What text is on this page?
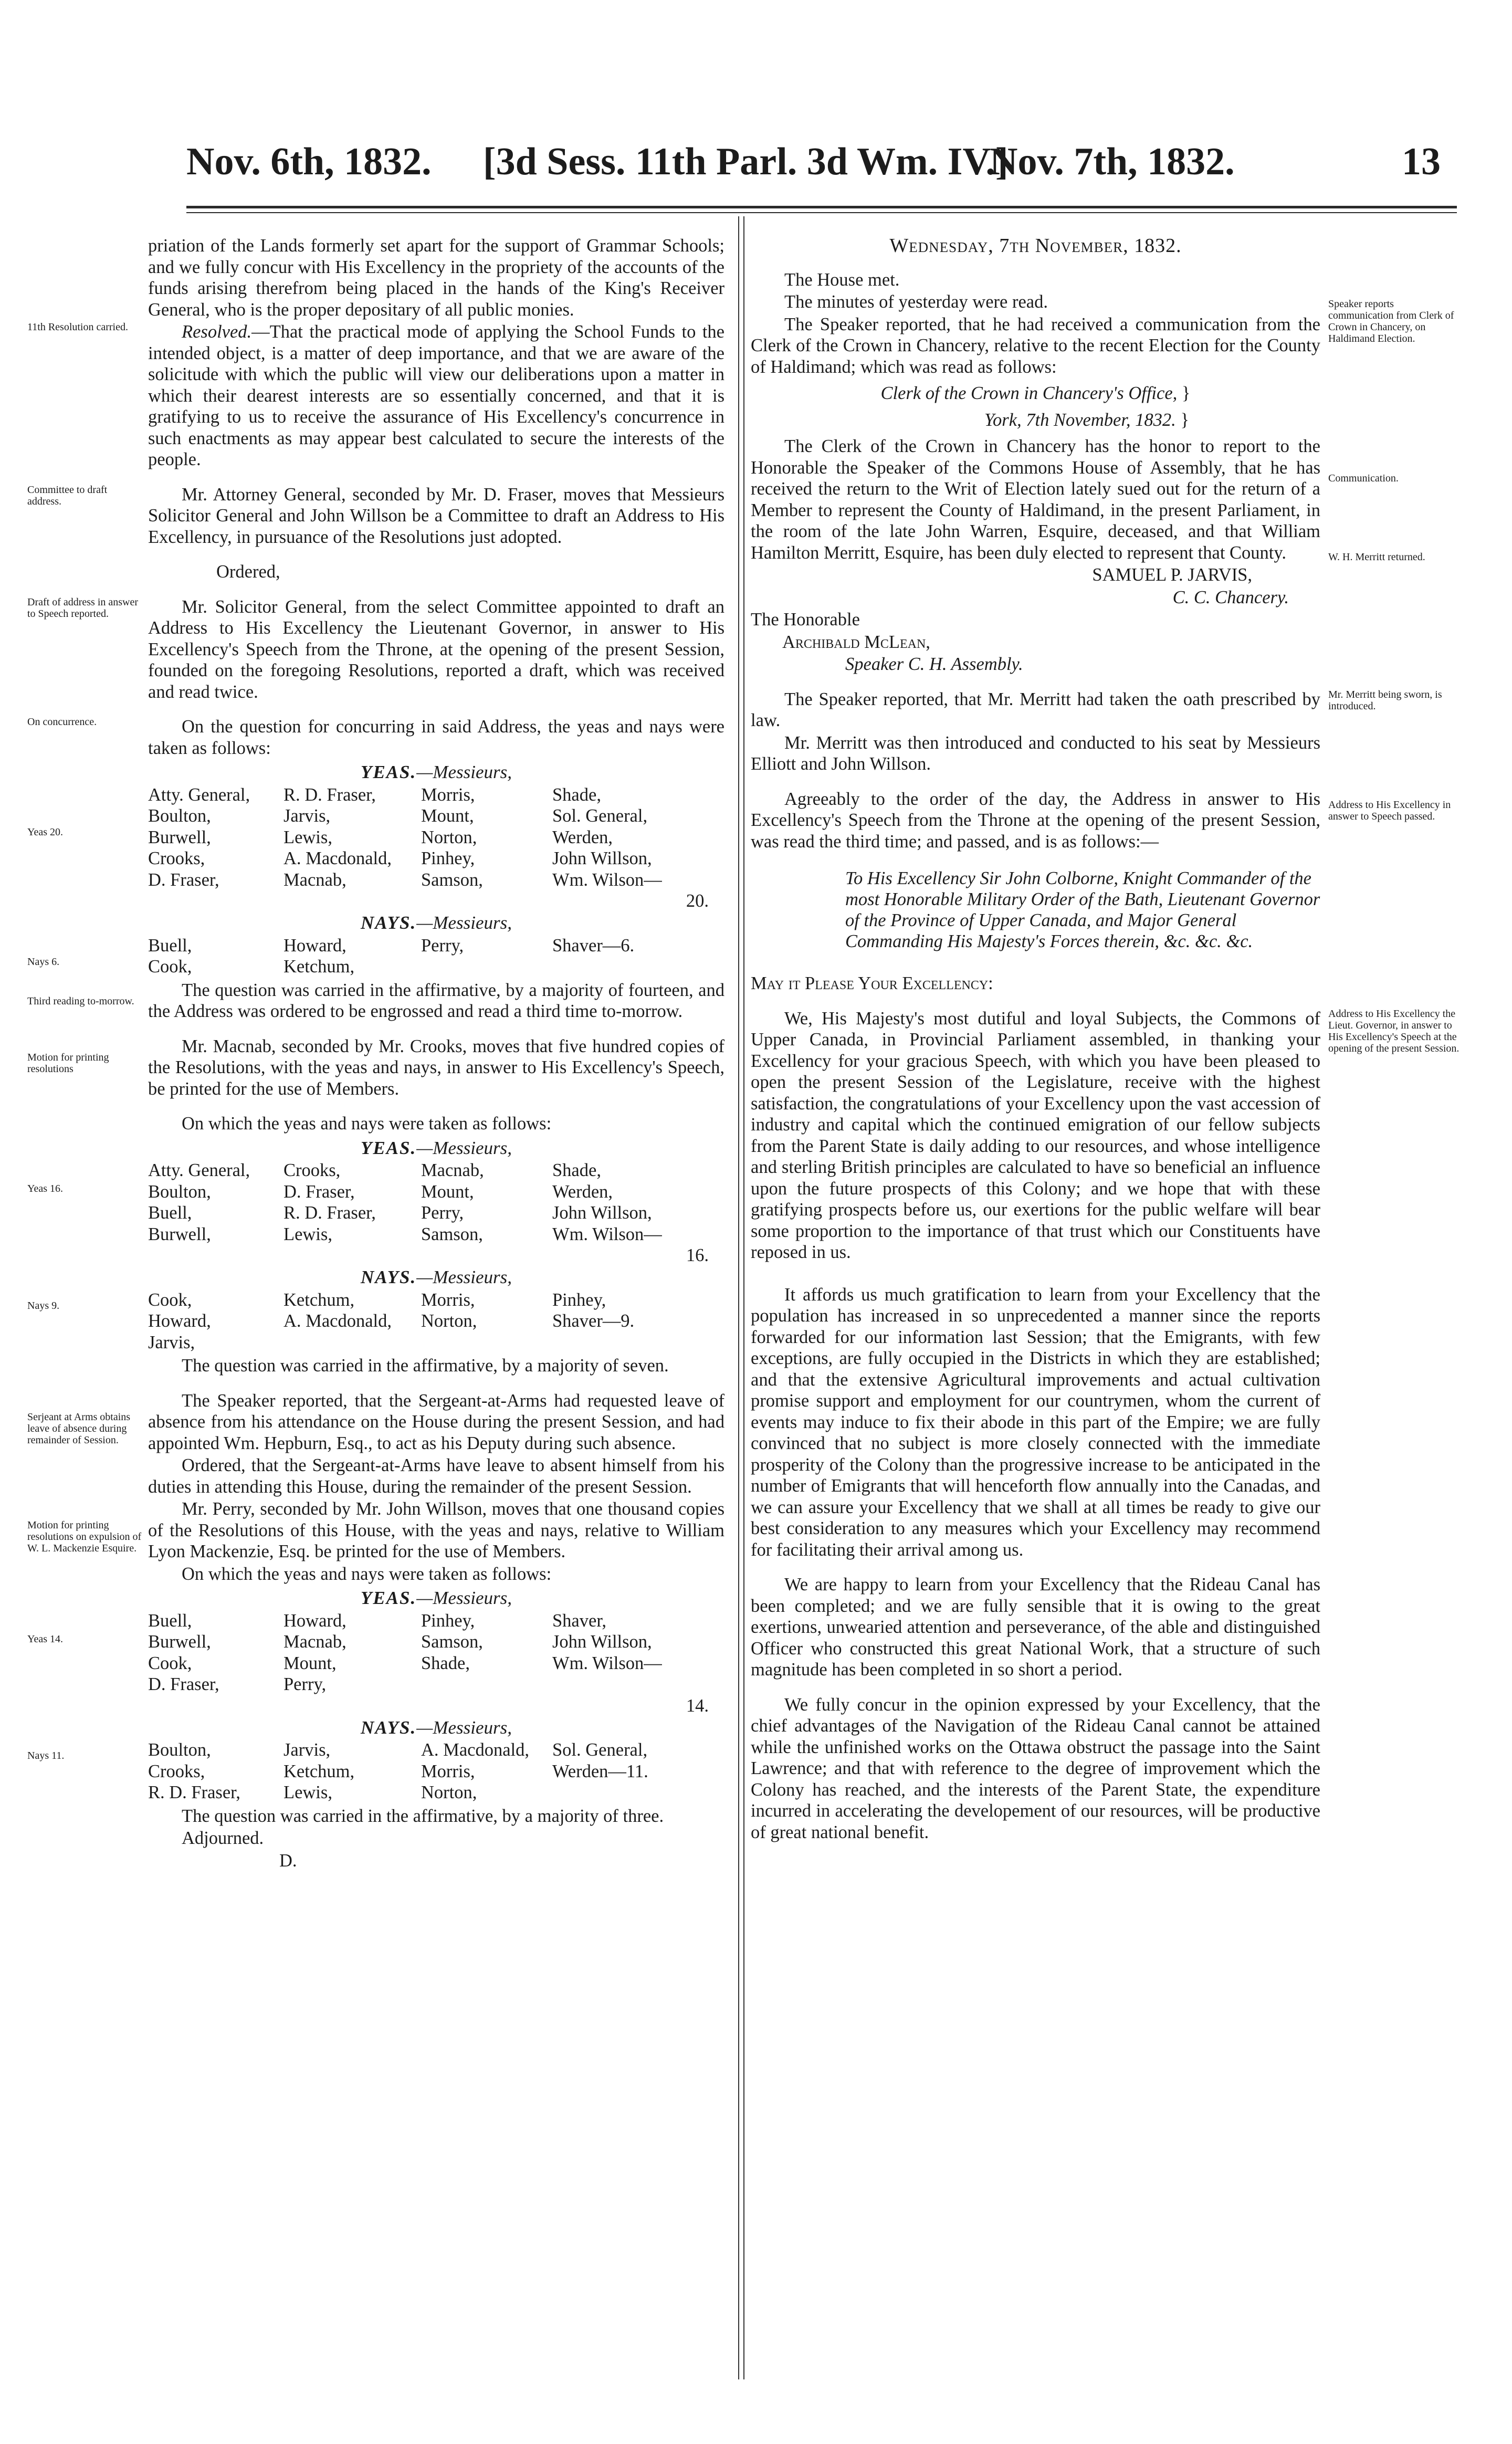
Nov. 6th, 1832. [3d Sess. 11th Parl. 3d Wm. IV.]
Nov. 7th, 1832.	13

priation of the Lands formerly set apart for the support of Grammar Schools; and we fully concur with His Excellency in the propriety of the accounts of the funds arising therefrom being placed in the hands of the King's Receiver General, who is the proper depositary of all public monies.

11th Resolution carried.	Resolved.—That the practical mode of applying the School Funds to the intended object, is a matter of deep importance, and that we are aware of the solicitude with which the public will view our deliberations upon a matter in which their dearest interests are so essentially concerned, and that it is gratifying to us to receive the assurance of His Excellency's concurrence in such enactments as may appear best calculated to secure the interests of the people.

Committee to draft address.	Mr. Attorney General, seconded by Mr. D. Fraser, moves that Messieurs Solicitor General and John Willson be a Committee to draft an Address to His Excellency, in pursuance of the Resolutions just adopted.

Ordered,

Draft of address in answer to Speech reported.	Mr. Solicitor General, from the select Committee appointed to draft an Address to His Excellency the Lieutenant Governor, in answer to His Excellency's Speech from the Throne, at the opening of the present Session, founded on the foregoing Resolutions, reported a draft, which was received and read twice.

On concurrence.	On the question for concurring in said Address, the yeas and nays were taken as follows:

YEAS.—Messieurs,
Yeas 20.
Atty. General,	R. D. Fraser,	Morris,	Shade,
Boulton,	Jarvis,	Mount,	Sol. General,
Burwell,	Lewis,	Norton,	Werden,
Crooks,	A. Macdonald,	Pinhey,	John Willson,
D. Fraser,	Macnab,	Samson,	Wm. Wilson—
20.
NAYS.—Messieurs,
Nays 6.
Buell,	Howard,	Perry,	Shaver—6.
Cook,	Ketchum,		

Third reading to-morrow.
The question was carried in the affirmative, by a majority of fourteen, and the Address was ordered to be engrossed and read a third time to-morrow.

Motion for printing resolutions
Mr. Macnab, seconded by Mr. Crooks, moves that five hundred copies of the Resolutions, with the yeas and nays, in answer to His Excellency's Speech, be printed for the use of Members.

On which the yeas and nays were taken as follows:

YEAS.—Messieurs,
Yeas 16.
Atty. General,	Crooks,	Macnab,	Shade,
Boulton,	D. Fraser,	Mount,	Werden,
Buell,	R. D. Fraser,	Perry,	John Willson,
Burwell,	Lewis,	Samson,	Wm. Wilson—
16.
NAYS.—Messieurs,
Nays 9.	Cook,	Ketchum,	Morris,	Pinhey,
Howard,	A. Macdonald,	Norton,	Shaver—9.
Jarvis,			

The question was carried in the affirmative, by a majority of seven.

Serjeant at Arms obtains leave of absence during remainder of Session.
The Speaker reported, that the Sergeant-at-Arms had requested leave of absence from his attendance on the House during the present Session, and had appointed Wm. Hepburn, Esq., to act as his Deputy during such absence.

Ordered, that the Sergeant-at-Arms have leave to absent himself from his duties in attending this House, during the remainder of the present Session.

Motion for printing resolutions on expulsion of W. L. Mackenzie Esquire.
Mr. Perry, seconded by Mr. John Willson, moves that one thousand copies of the Resolutions of this House, with the yeas and nays, relative to William Lyon Mackenzie, Esq. be printed for the use of Members.

On which the yeas and nays were taken as follows:

YEAS.—Messieurs,
Yeas 14.
Buell,	Howard,	Pinhey,	Shaver,
Burwell,	Macnab,	Samson,	John Willson,
Cook,	Mount,	Shade,	Wm. Wilson—
D. Fraser,	Perry,		
14.
NAYS.—Messieurs,
Nays 11.	Boulton,	Jarvis,	A. Macdonald,	Sol. General,
Crooks,	Ketchum,	Morris,	Werden—11.
R. D. Fraser,	Lewis,	Norton,	

The question was carried in the affirmative, by a majority of three.

Adjourned.

D.

Wednesday, 7th November, 1832.

The House met.

The minutes of yesterday were read.	Speaker reports communication from Clerk of Crown in Chancery, on Haldimand Election.
The Speaker reported, that he had received a communication from the Clerk of the Crown in Chancery, relative to the recent Election for the County of Haldimand; which was read as follows:

Clerk of the Crown in Chancery's Office, }

York, 7th November, 1832. }

Communication.
W. H. Merritt returned.
The Clerk of the Crown in Chancery has the honor to report to the Honorable the Speaker of the Commons House of Assembly, that he has received the return to the Writ of Election lately sued out for the return of a Member to represent the County of Haldimand, in the present Parliament, in the room of the late John Warren, Esquire, deceased, and that William Hamilton Merritt, Esquire, has been duly elected to represent that County.

SAMUEL P. JARVIS,

C. C. Chancery.

The Honorable

Archibald McLean,

Speaker C. H. Assembly.

Mr. Merritt being sworn, is introduced.
The Speaker reported, that Mr. Merritt had taken the oath prescribed by law.

Mr. Merritt was then introduced and conducted to his seat by Messieurs Elliott and John Willson.

Address to His Excellency in answer to Speech passed.
Agreeably to the order of the day, the Address in answer to His Excellency's Speech from the Throne at the opening of the present Session, was read the third time; and passed, and is as follows:—

To His Excellency Sir John Colborne, Knight Commander of the most Honorable Military Order of the Bath, Lieutenant Governor of the Province of Upper Canada, and Major General Commanding His Majesty's Forces therein, &c. &c. &c.

May it Please Your Excellency:

Address to His Excellency the Lieut. Governor, in answer to His Excellency's Speech at the opening of the present Session.
We, His Majesty's most dutiful and loyal Subjects, the Commons of Upper Canada, in Provincial Parliament assembled, in thanking your Excellency for your gracious Speech, with which you have been pleased to open the present Session of the Legislature, receive with the highest satisfaction, the congratulations of your Excellency upon the vast accession of industry and capital which the continued emigration of our fellow subjects from the Parent State is daily adding to our resources, and whose intelligence and sterling British principles are calculated to have so beneficial an influence upon the future prospects of this Colony; and we hope that with these gratifying prospects before us, our exertions for the public welfare will bear some proportion to the importance of that trust which our Constituents have reposed in us.

It affords us much gratification to learn from your Excellency that the population has increased in so unprecedented a manner since the reports forwarded for our information last Session; that the Emigrants, with few exceptions, are fully occupied in the Districts in which they are established; and that the extensive Agricultural improvements and actual cultivation promise support and employment for our countrymen, whom the current of events may induce to fix their abode in this part of the Empire; we are fully convinced that no subject is more closely connected with the immediate prosperity of the Colony than the progressive increase to be anticipated in the number of Emigrants that will henceforth flow annually into the Canadas, and we can assure your Excellency that we shall at all times be ready to give our best consideration to any measures which your Excellency may recommend for facilitating their arrival among us.

We are happy to learn from your Excellency that the Rideau Canal has been completed; and we are fully sensible that it is owing to the great exertions, unwearied attention and perseverance, of the able and distinguished Officer who constructed this great National Work, that a structure of such magnitude has been completed in so short a period.

We fully concur in the opinion expressed by your Excellency, that the chief advantages of the Navigation of the Rideau Canal cannot be attained while the unfinished works on the Ottawa obstruct the passage into the Saint Lawrence; and that with reference to the degree of improvement which the Colony has reached, and the interests of the Parent State, the expenditure incurred in accelerating the developement of our resources, will be productive of great national benefit.
